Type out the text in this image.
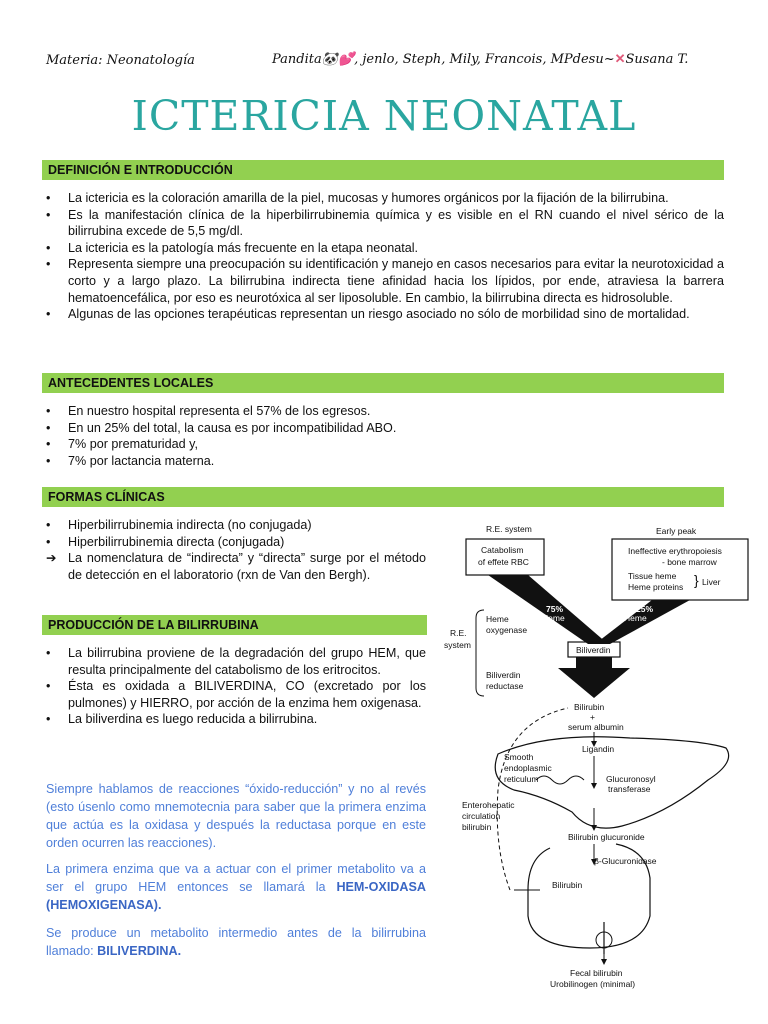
Materia: Neonatología	Pandita🐼💕, jenlo, Steph, Mily, Francois, MPdesu~✕Susana T.
ICTERICIA NEONATAL
DEFINICIÓN E INTRODUCCIÓN
• La ictericia es la coloración amarilla de la piel, mucosas y humores orgánicos por la fijación de la bilirrubina.
• Es la manifestación clínica de la hiperbilirrubinemia química y es visible en el RN cuando el nivel sérico de la bilirrubina excede de 5,5 mg/dl.
• La ictericia es la patología más frecuente en la etapa neonatal.
• Representa siempre una preocupación su identificación y manejo en casos necesarios para evitar la neurotoxicidad a corto y a largo plazo. La bilirrubina indirecta tiene afinidad hacia los lípidos, por ende, atraviesa la barrera hematoencefálica, por eso es neurotóxica al ser liposoluble. En cambio, la bilirrubina directa es hidrosoluble.
• Algunas de las opciones terapéuticas representan un riesgo asociado no sólo de morbilidad sino de mortalidad.
ANTECEDENTES LOCALES
• En nuestro hospital representa el 57% de los egresos.
• En un 25% del total, la causa es por incompatibilidad ABO.
• 7% por prematuridad y,
• 7% por lactancia materna.
FORMAS CLÍNICAS
• Hiperbilirrubinemia indirecta (no conjugada)
• Hiperbilirrubinemia directa (conjugada)
➔ La nomenclatura de “indirecta” y “directa” surge por el método de detección en el laboratorio (rxn de Van den Bergh).
PRODUCCIÓN DE LA BILIRRUBINA
• La bilirrubina proviene de la degradación del grupo HEM, que resulta principalmente del catabolismo de los eritrocitos.
• Ésta es oxidada a BILIVERDINA, CO (excretado por los pulmones) y HIERRO, por acción de la enzima hem oxigenasa.
• La biliverdina es luego reducida a bilirrubina.

Siempre hablamos de reacciones “óxido-reducción” y no al revés (esto úsenlo como mnemotecnia para saber que la primera enzima que actúa es la oxidasa y después la reductasa porque en este orden ocurren las reacciones).

La primera enzima que va a actuar con el primer metabolito va a ser el grupo HEM entonces se llamará la HEM-OXIDASA (HEMOXIGENASA).

Se produce un metabolito intermedio antes de la bilirrubina llamado: BILIVERDINA.

R.E. system	Early peak
Catabolism
of effete RBC
Ineffective erythropoiesis
- bone marrow
Tissue heme
Heme proteins } Liver
75%
Heme
25%
Heme
Heme
oxygenase
R.E.
system	Biliverdin
Biliverdin
reductase
Bilirubin
+
serum albumin
Smooth
endoplasmic
reticulum
Ligandin
Glucuronosyl
transferase
Enterohepatic
circulation
bilirubin
Bilirubin glucuronide
β-Glucuronidase
Bilirubin
Fecal bilirubin
Urobilinogen (minimal)
